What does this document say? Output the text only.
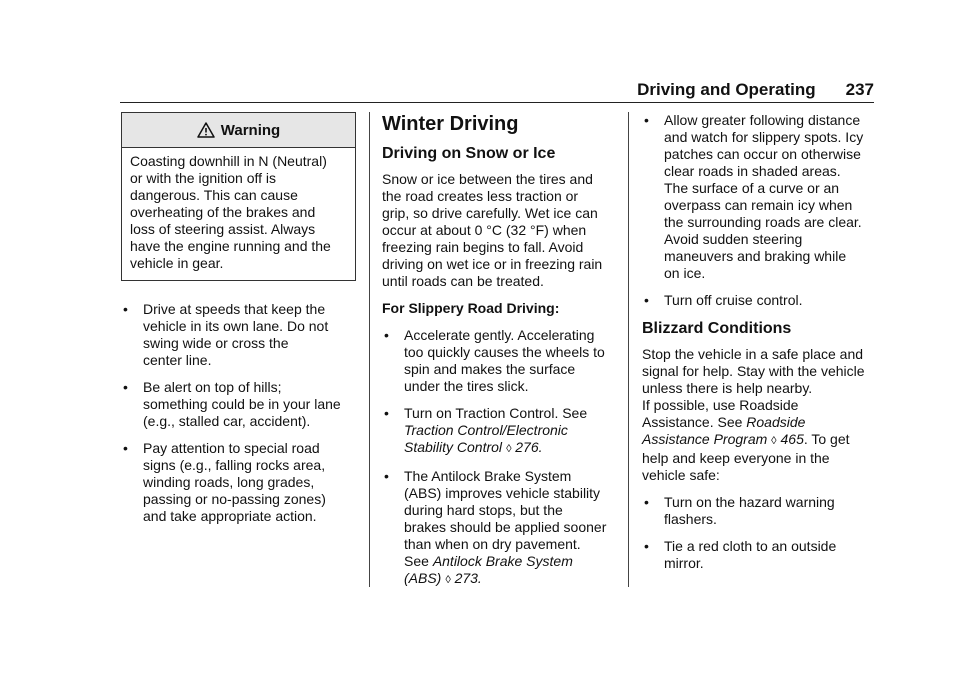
Driving and Operating 237
Warning
Coasting downhill in N (Neutral)
or with the ignition off is
dangerous. This can cause
overheating of the brakes and
loss of steering assist. Always
have the engine running and the
vehicle in gear.
•	Drive at speeds that keep the
vehicle in its own lane. Do not
swing wide or cross the
center line.
•	Be alert on top of hills;
something could be in your lane
(e.g., stalled car, accident).
•	Pay attention to special road
signs (e.g., falling rocks area,
winding roads, long grades,
passing or no-passing zones)
and take appropriate action.
Winter Driving
Driving on Snow or Ice
Snow or ice between the tires and
the road creates less traction or
grip, so drive carefully. Wet ice can
occur at about 0 °C (32 °F) when
freezing rain begins to fall. Avoid
driving on wet ice or in freezing rain
until roads can be treated.
For Slippery Road Driving:
•	Accelerate gently. Accelerating
too quickly causes the wheels to
spin and makes the surface
under the tires slick.
•	Turn on Traction Control. See
Traction Control/Electronic
Stability Control ◊ 276.
•	The Antilock Brake System
(ABS) improves vehicle stability
during hard stops, but the
brakes should be applied sooner
than when on dry pavement.
See Antilock Brake System
(ABS) ◊ 273.
•	Allow greater following distance
and watch for slippery spots. Icy
patches can occur on otherwise
clear roads in shaded areas.
The surface of a curve or an
overpass can remain icy when
the surrounding roads are clear.
Avoid sudden steering
maneuvers and braking while
on ice.
•	Turn off cruise control.
Blizzard Conditions
Stop the vehicle in a safe place and
signal for help. Stay with the vehicle
unless there is help nearby.
If possible, use Roadside
Assistance. See Roadside
Assistance Program ◊ 465. To get
help and keep everyone in the
vehicle safe:
•	Turn on the hazard warning
flashers.
•	Tie a red cloth to an outside
mirror.
